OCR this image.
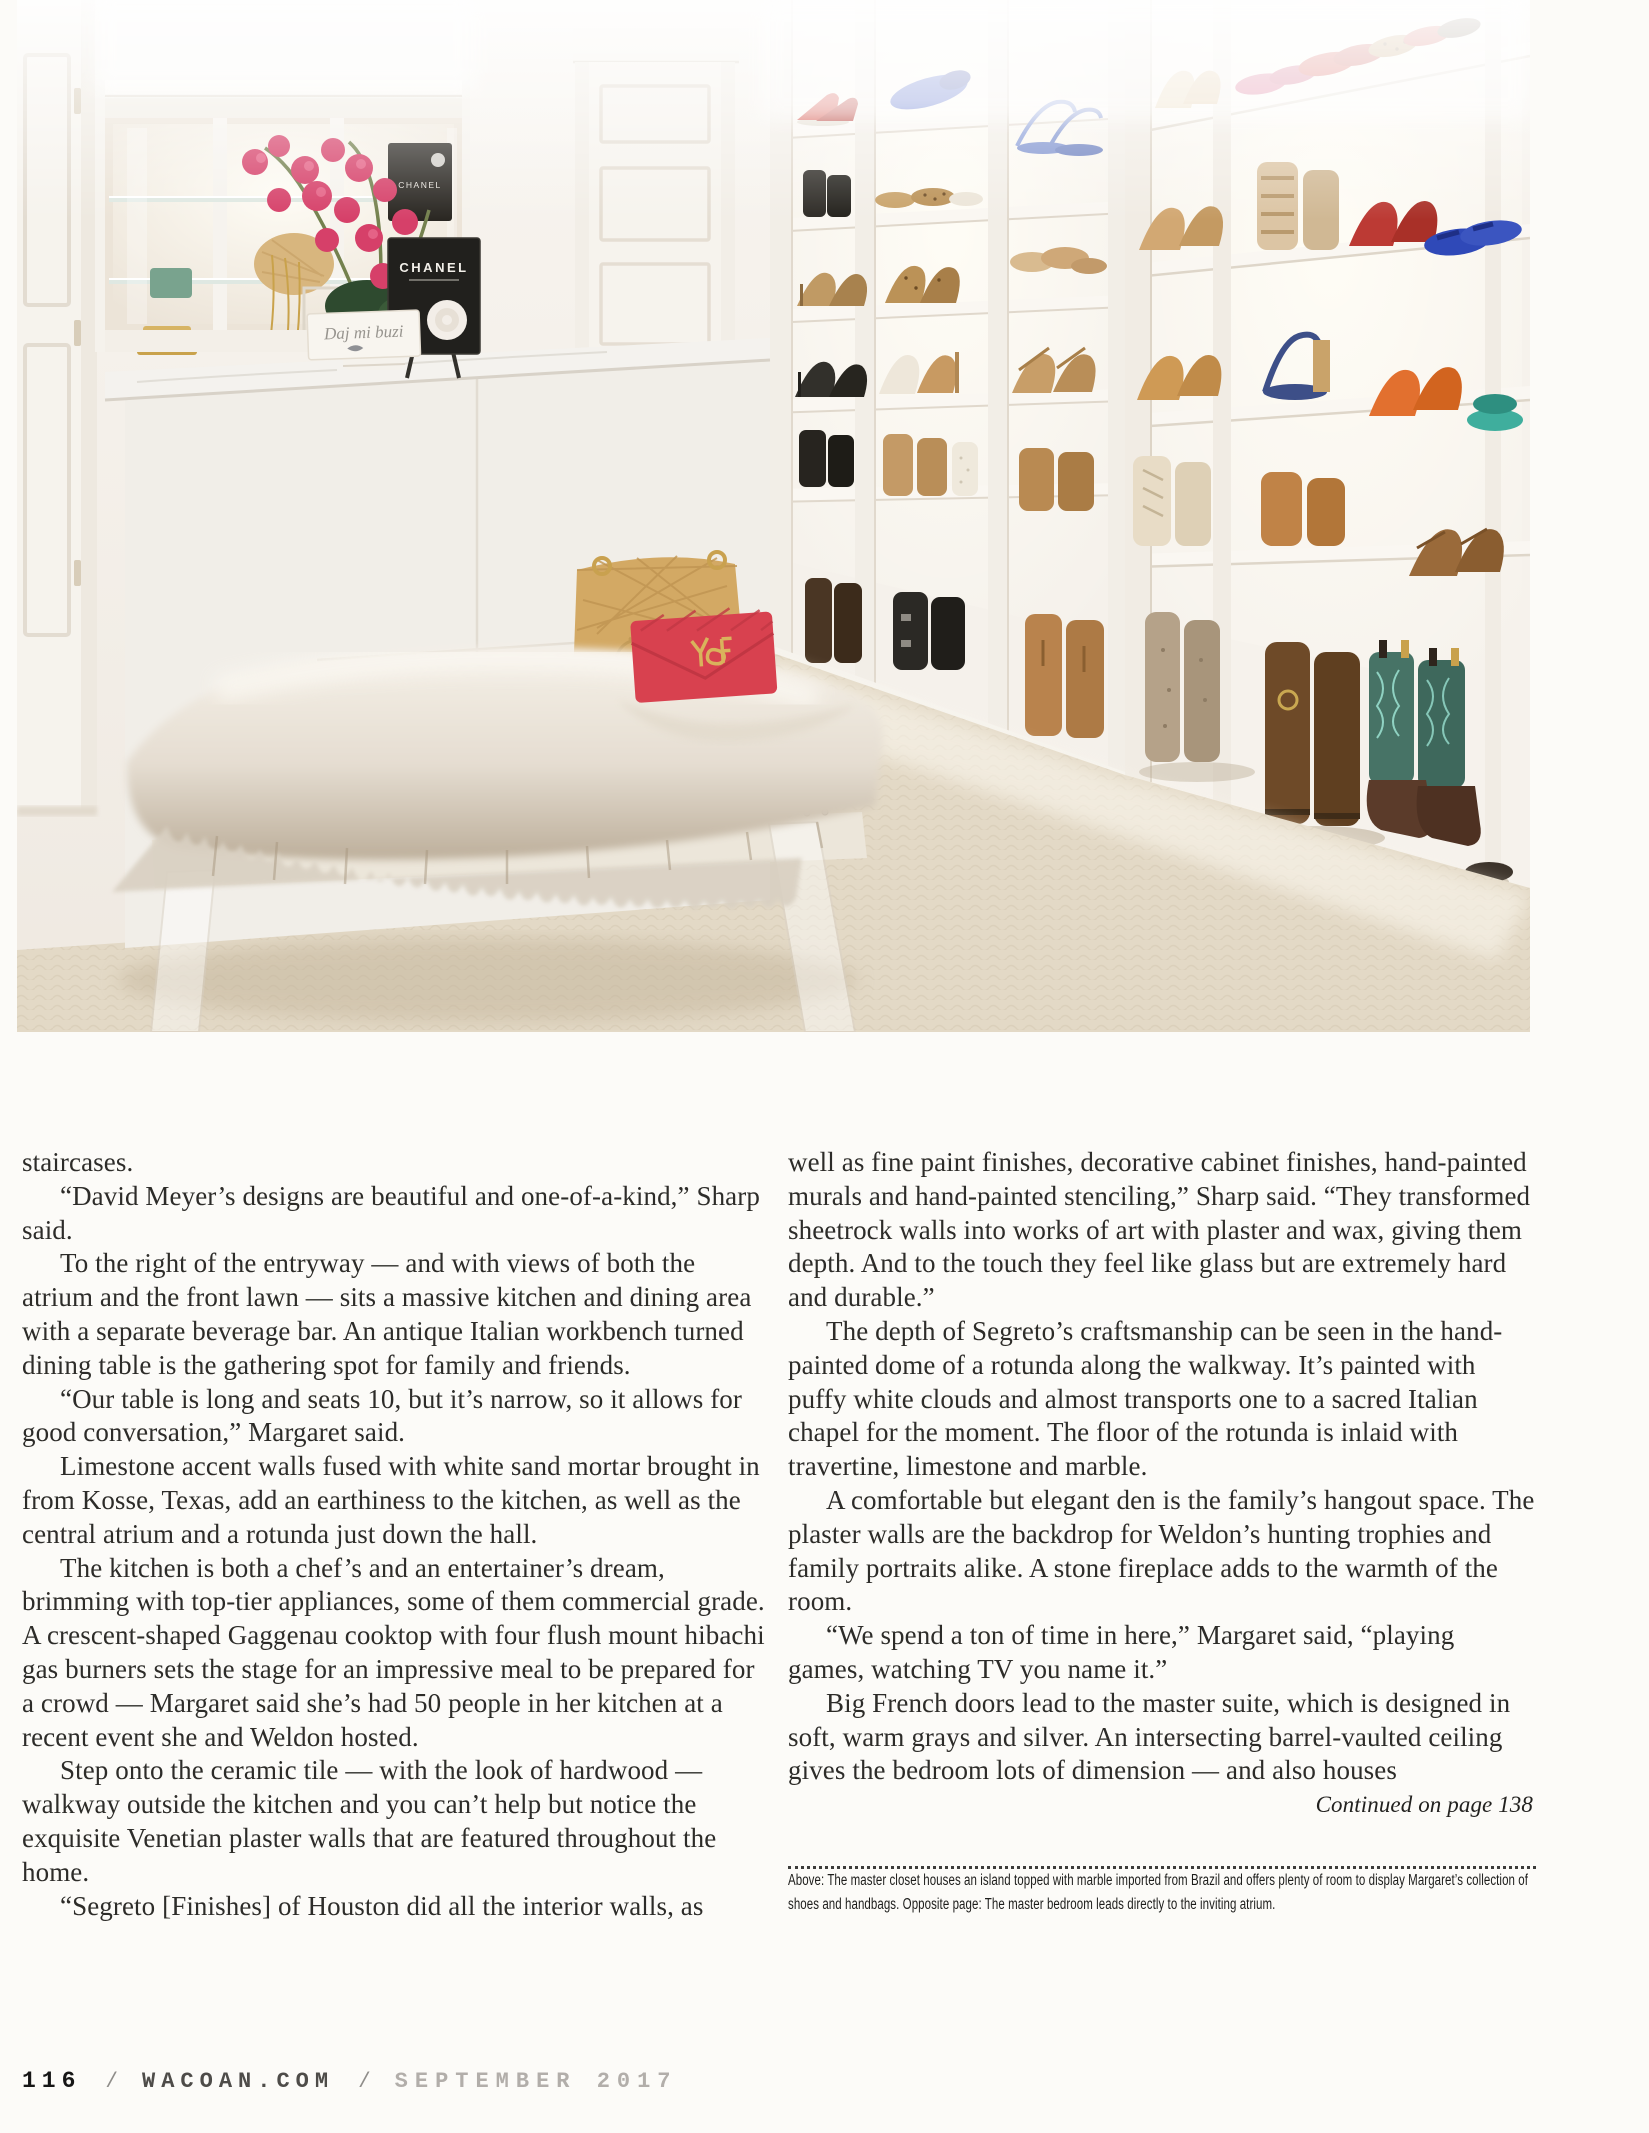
CHANEL
Daj mi buzi

staircases.

“David Meyer’s designs are beautiful and one-of-a-kind,” Sharp said.

To the right of the entryway — and with views of both the atrium and the front lawn — sits a massive kitchen and dining area with a separate beverage bar. An antique Italian workbench turned dining table is the gathering spot for family and friends.

“Our table is long and seats 10, but it’s narrow, so it allows for good conversation,” Margaret said.

Limestone accent walls fused with white sand mortar brought in from Kosse, Texas, add an earthiness to the kitchen, as well as the central atrium and a rotunda just down the hall.

The kitchen is both a chef’s and an entertainer’s dream, brimming with top-tier appliances, some of them commercial grade. A crescent-shaped Gaggenau cooktop with four flush mount hibachi gas burners sets the stage for an impressive meal to be prepared for a crowd — Margaret said she’s had 50 people in her kitchen at a recent event she and Weldon hosted.

Step onto the ceramic tile — with the look of hardwood — walkway outside the kitchen and you can’t help but notice the exquisite Venetian plaster walls that are featured throughout the home.

“Segreto [Finishes] of Houston did all the interior walls, as

well as fine paint finishes, decorative cabinet finishes, hand-painted murals and hand-painted stenciling,” Sharp said. “They transformed sheetrock walls into works of art with plaster and wax, giving them depth. And to the touch they feel like glass but are extremely hard and durable.”

The depth of Segreto’s craftsmanship can be seen in the hand-painted dome of a rotunda along the walkway. It’s painted with puffy white clouds and almost transports one to a sacred Italian chapel for the moment. The floor of the rotunda is inlaid with travertine, limestone and marble.

A comfortable but elegant den is the family’s hangout space. The plaster walls are the backdrop for Weldon’s hunting trophies and family portraits alike. A stone fireplace adds to the warmth of the room.

“We spend a ton of time in here,” Margaret said, “playing games, watching TV you name it.”

Big French doors lead to the master suite, which is designed in soft, warm grays and silver. An intersecting barrel-vaulted ceiling gives the bedroom lots of dimension — and also houses

Continued on page 138

Above: The master closet houses an island topped with marble imported from Brazil and offers plenty of room to display Margaret’s collection of shoes and handbags. Opposite page: The master bedroom leads directly to the inviting atrium.

116 / WACOAN.COM / SEPTEMBER 2017
